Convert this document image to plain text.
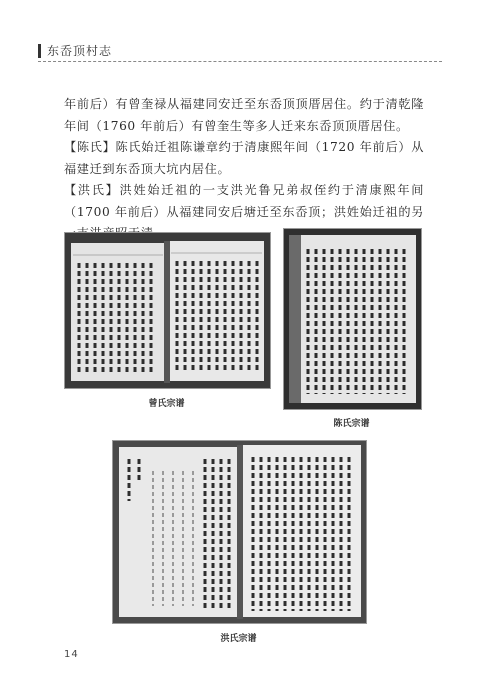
东岙顶村志

年前后）有曾奎禄从福建同安迁至东岙顶顶厝居住。约于清乾隆年间（1760 年前后）有曾奎生等多人迁来东岙顶顶厝居住。

【陈氏】陈氏始迁祖陈谦章约于清康熙年间（1720 年前后）从福建迁到东岙顶大坑内居住。

【洪氏】洪姓始迁祖的一支洪光鲁兄弟叔侄约于清康熙年间（1700 年前后）从福建同安后塘迁至东岙顶；洪姓始迁祖的另

曾氏宗谱
陈氏宗谱
洪氏宗谱
14
